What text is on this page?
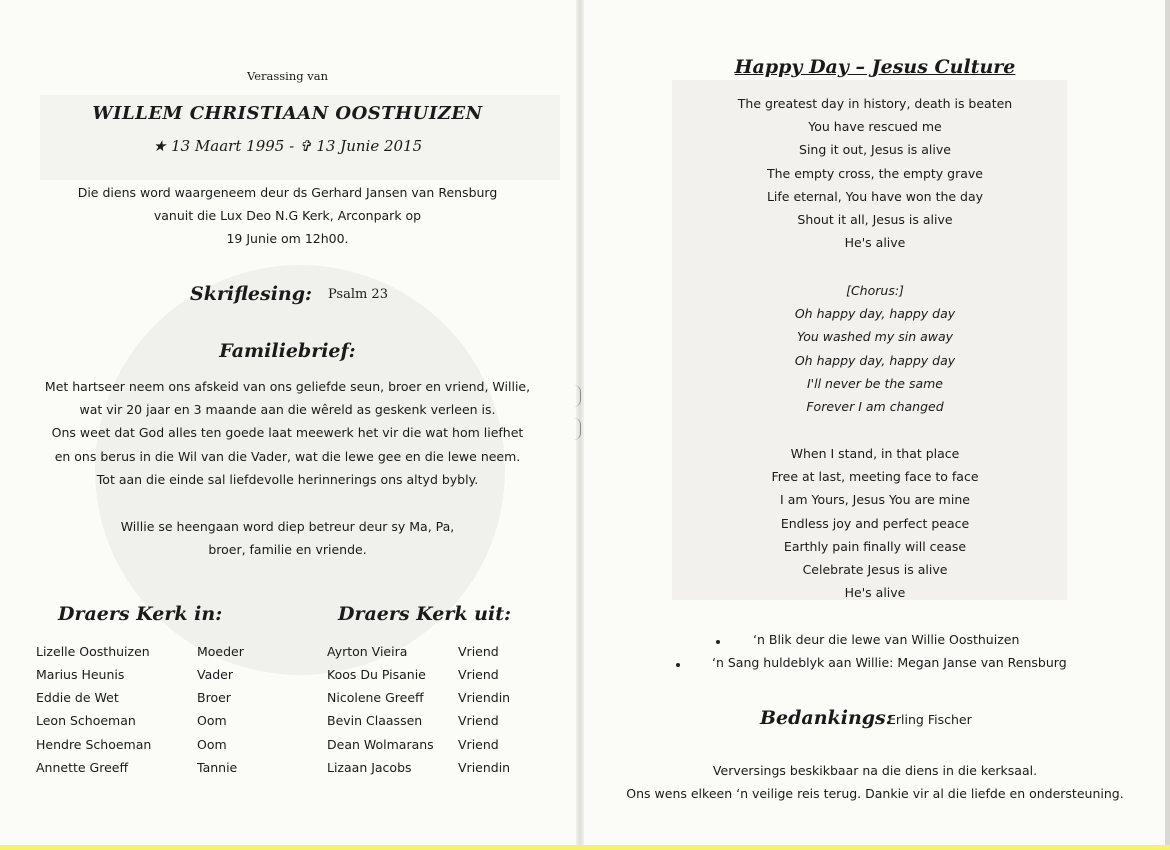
Verassing van
WILLEM CHRISTIAAN OOSTHUIZEN
★ 13 Maart 1995 - ✞ 13 Junie 2015
Die diens word waargeneem deur ds Gerhard Jansen van Rensburg
vanuit die Lux Deo N.G Kerk, Arconpark op
19 Junie om 12h00.
Skriflesing: Psalm 23
Familiebrief:
Met hartseer neem ons afskeid van ons geliefde seun, broer en vriend, Willie,
wat vir 20 jaar en 3 maande aan die wêreld as geskenk verleen is.
Ons weet dat God alles ten goede laat meewerk het vir die wat hom liefhet
en ons berus in die Wil van die Vader, wat die lewe gee en die lewe neem.
Tot aan die einde sal liefdevolle herinnerings ons altyd bybly.
Willie se heengaan word diep betreur deur sy Ma, Pa,
broer, familie en vriende.
Draers Kerk in:	Draers Kerk uit:
Lizelle Oosthuizen	Moeder
Marius Heunis	Vader
Eddie de Wet	Broer
Leon Schoeman	Oom
Hendre Schoeman	Oom
Annette Greeff	Tannie
Ayrton Vieira	Vriend
Koos Du Pisanie	Vriend
Nicolene Greeff	Vriendin
Bevin Claassen	Vriend
Dean Wolmarans Vriend
Lizaan Jacobs	Vriendin
Happy Day – Jesus Culture
The greatest day in history, death is beaten
You have rescued me
Sing it out, Jesus is alive
The empty cross, the empty grave
Life eternal, You have won the day
Shout it all, Jesus is alive
He's alive
[Chorus:]
Oh happy day, happy day
You washed my sin away
Oh happy day, happy day
I'll never be the same
Forever I am changed
When I stand, in that place
Free at last, meeting face to face
I am Yours, Jesus You are mine
Endless joy and perfect peace
Earthly pain finally will cease
Celebrate Jesus is alive
He's alive
‘n Blik deur die lewe van Willie Oosthuizen
‘n Sang huldeblyk aan Willie: Megan Janse van Rensburg
Bedankings:
Erling Fischer
Verversings beskikbaar na die diens in die kerksaal.
Ons wens elkeen ‘n veilige reis terug. Dankie vir al die liefde en ondersteuning.
